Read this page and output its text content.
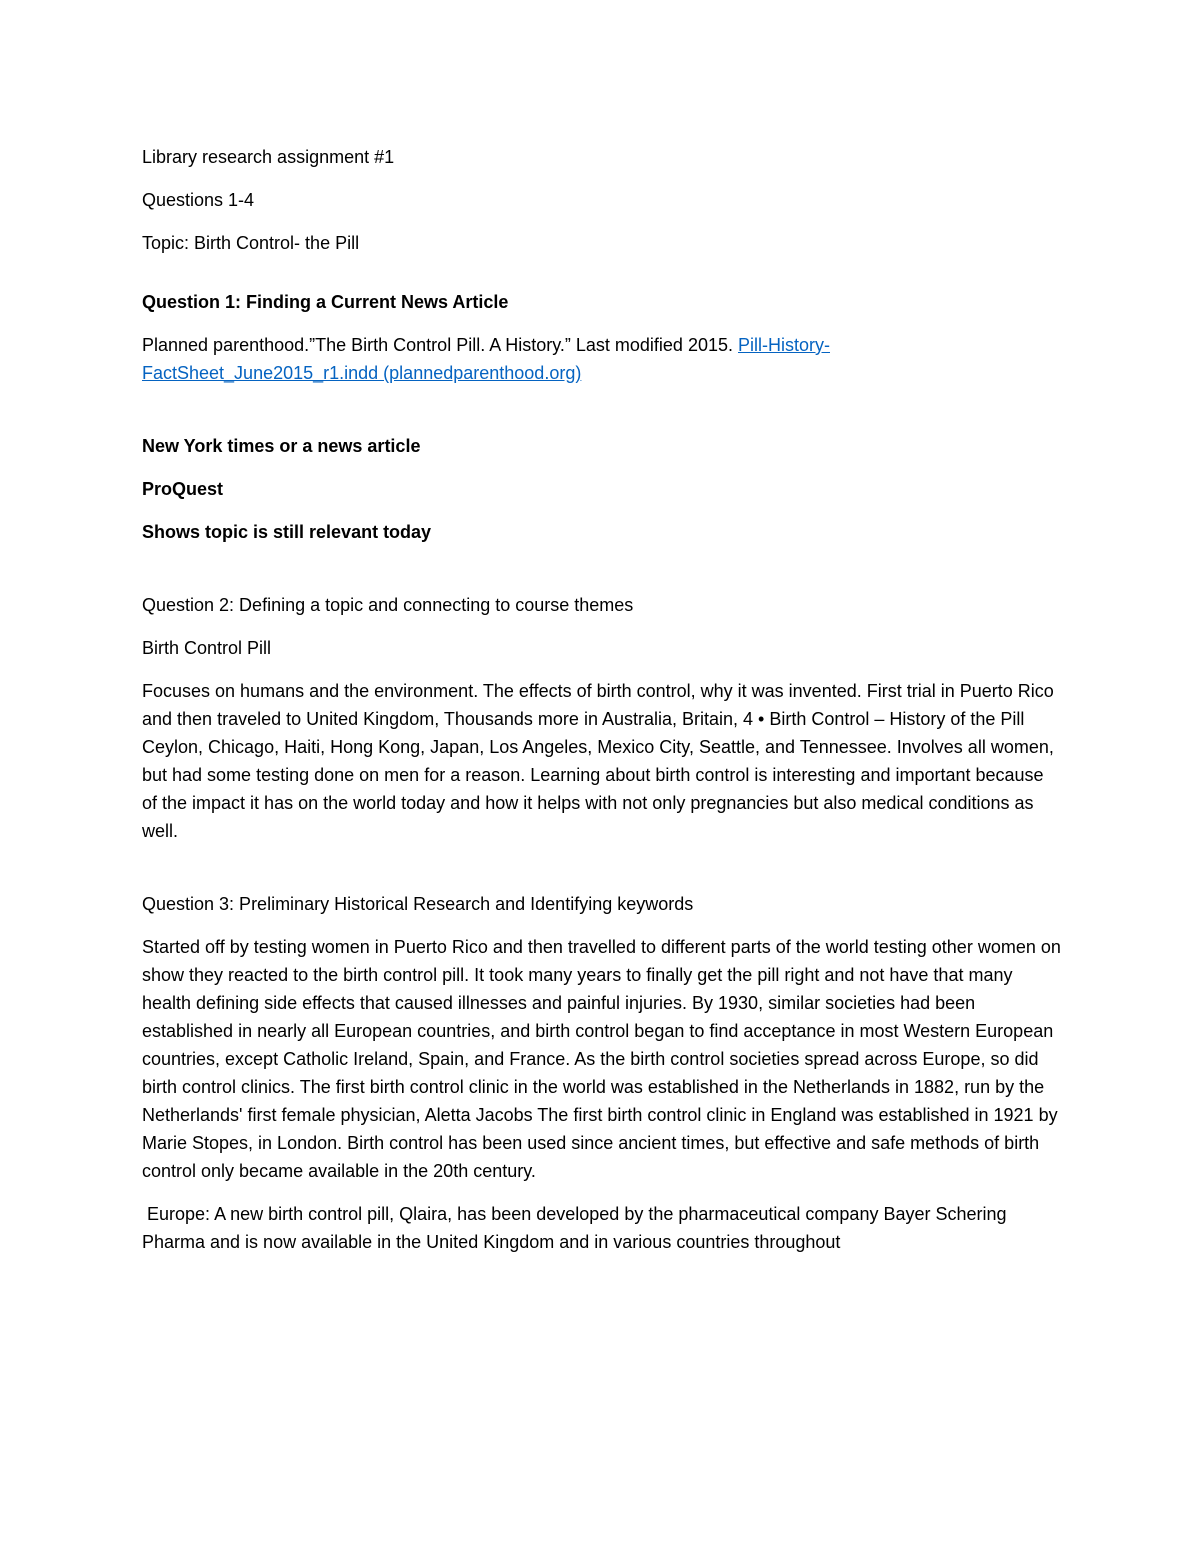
Library research assignment #1

Questions 1-4

Topic: Birth Control- the Pill

Question 1: Finding a Current News Article

Planned parenthood.”The Birth Control Pill. A History.” Last modified 2015. Pill-History-FactSheet_June2015_r1.indd (plannedparenthood.org)

New York times or a news article

ProQuest

Shows topic is still relevant today

Question 2: Defining a topic and connecting to course themes

Birth Control Pill

Focuses on humans and the environment. The effects of birth control, why it was invented. First trial in Puerto Rico and then traveled to United Kingdom, Thousands more in Australia, Britain, 4 • Birth Control – History of the Pill Ceylon, Chicago, Haiti, Hong Kong, Japan, Los Angeles, Mexico City, Seattle, and Tennessee. Involves all women, but had some testing done on men for a reason. Learning about birth control is interesting and important because of the impact it has on the world today and how it helps with not only pregnancies but also medical conditions as well.

Question 3: Preliminary Historical Research and Identifying keywords

Started off by testing women in Puerto Rico and then travelled to different parts of the world testing other women on show they reacted to the birth control pill. It took many years to finally get the pill right and not have that many health defining side effects that caused illnesses and painful injuries. By 1930, similar societies had been established in nearly all European countries, and birth control began to find acceptance in most Western European countries, except Catholic Ireland, Spain, and France. As the birth control societies spread across Europe, so did birth control clinics. The first birth control clinic in the world was established in the Netherlands in 1882, run by the Netherlands' first female physician, Aletta Jacobs The first birth control clinic in England was established in 1921 by Marie Stopes, in London. Birth control has been used since ancient times, but effective and safe methods of birth control only became available in the 20th century.

Europe: A new birth control pill, Qlaira, has been developed by the pharmaceutical company Bayer Schering Pharma and is now available in the United Kingdom and in various countries throughout
